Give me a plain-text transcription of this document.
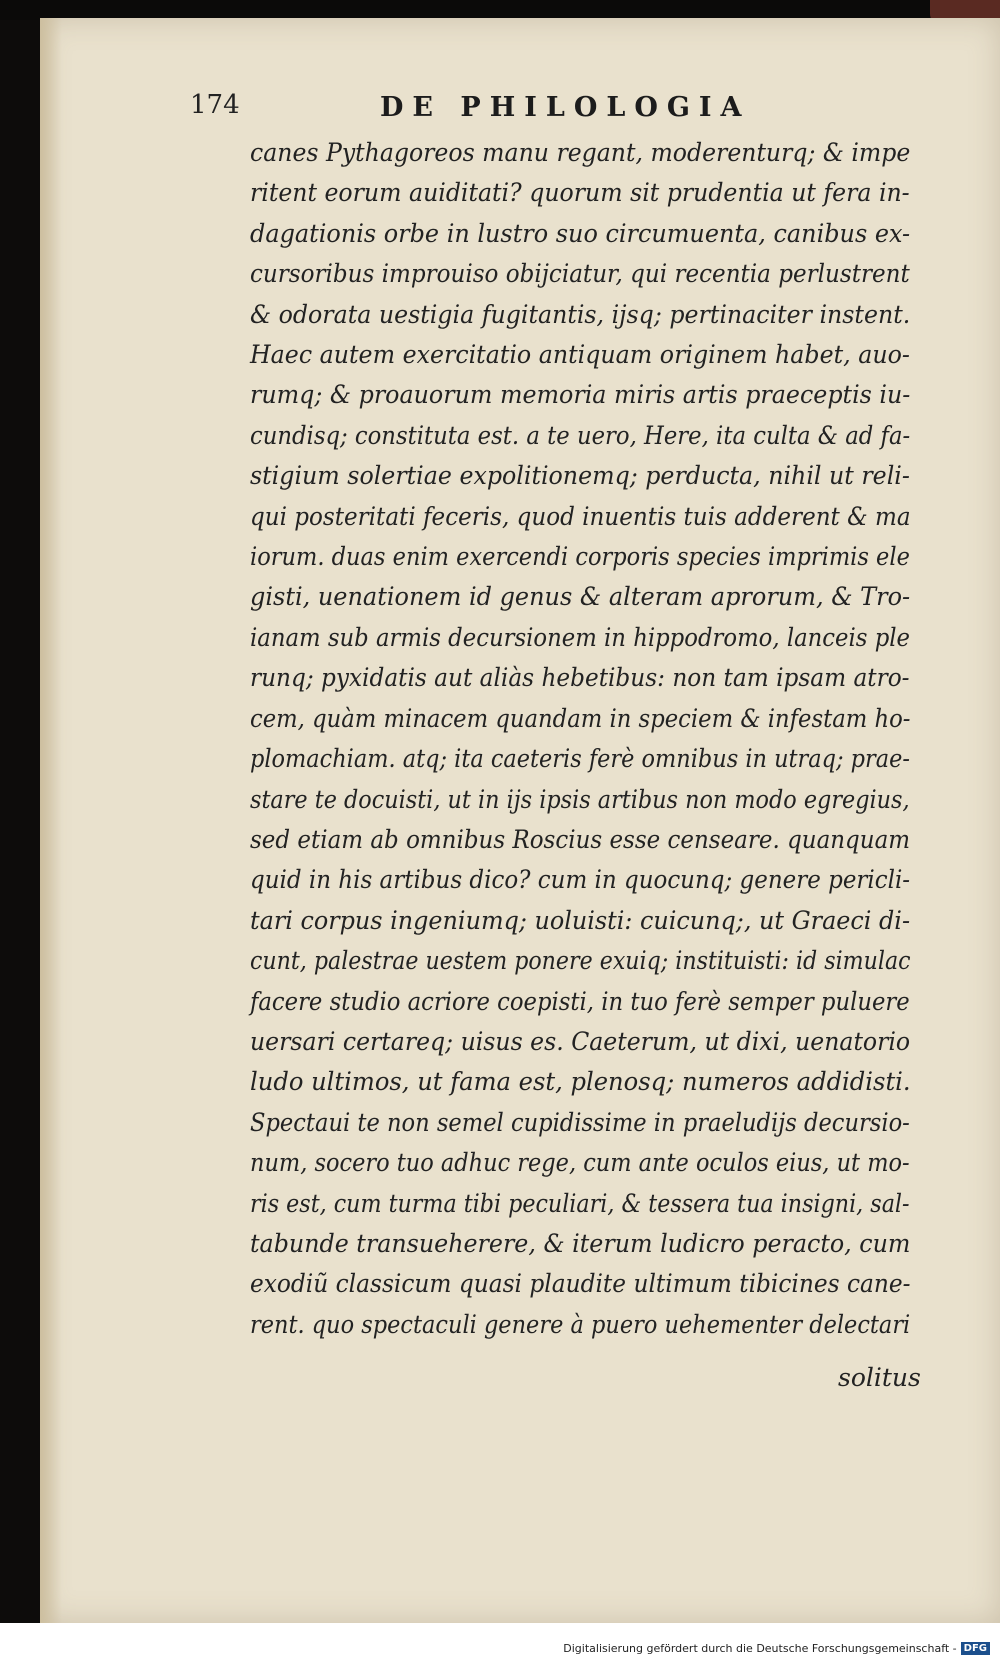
174	DE PHILOLOGIA
canes Pythagoreos manu regant, moderenturq; & impe
ritent eorum auiditati? quorum sit prudentia ut fera in-
dagationis orbe in lustro suo circumuenta, canibus ex-
cursoribus improuiso obijciatur, qui recentia perlustrent
& odorata uestigia fugitantis, ijsq; pertinaciter instent.
Haec autem exercitatio antiquam originem habet, auo-
rumq; & proauorum memoria miris artis praeceptis iu-
cundisq; constituta est. a te uero, Here, ita culta & ad fa-
stigium solertiae expolitionemq; perducta, nihil ut reli-
qui posteritati feceris, quod inuentis tuis adderent & ma
iorum. duas enim exercendi corporis species imprimis ele
gisti, uenationem id genus & alteram aprorum, & Tro-
ianam sub armis decursionem in hippodromo, lanceis ple
runq; pyxidatis aut aliàs hebetibus: non tam ipsam atro-
cem, quàm minacem quandam in speciem & infestam ho-
plomachiam. atq; ita caeteris ferè omnibus in utraq; prae-
stare te docuisti, ut in ijs ipsis artibus non modo egregius,
sed etiam ab omnibus Roscius esse censeare. quanquam
quid in his artibus dico? cum in quocunq; genere pericli-
tari corpus ingeniumq; uoluisti: cuicunq;, ut Graeci di-
cunt, palestrae uestem ponere exuiq; instituisti: id simulac
facere studio acriore coepisti, in tuo ferè semper puluere
uersari certareq; uisus es. Caeterum, ut dixi, uenatorio
ludo ultimos, ut fama est, plenosq; numeros addidisti.
Spectaui te non semel cupidissime in praeludijs decursio-
num, socero tuo adhuc rege, cum ante oculos eius, ut mo-
ris est, cum turma tibi peculiari, & tessera tua insigni, sal-
tabunde transueherere, & iterum ludicro peracto, cum
exodiũ classicum quasi plaudite ultimum tibicines cane-
rent. quo spectaculi genere à puero uehementer delectari
solitus
Digitalisierung gefördert durch die Deutsche Forschungsgemeinschaft - DFG
